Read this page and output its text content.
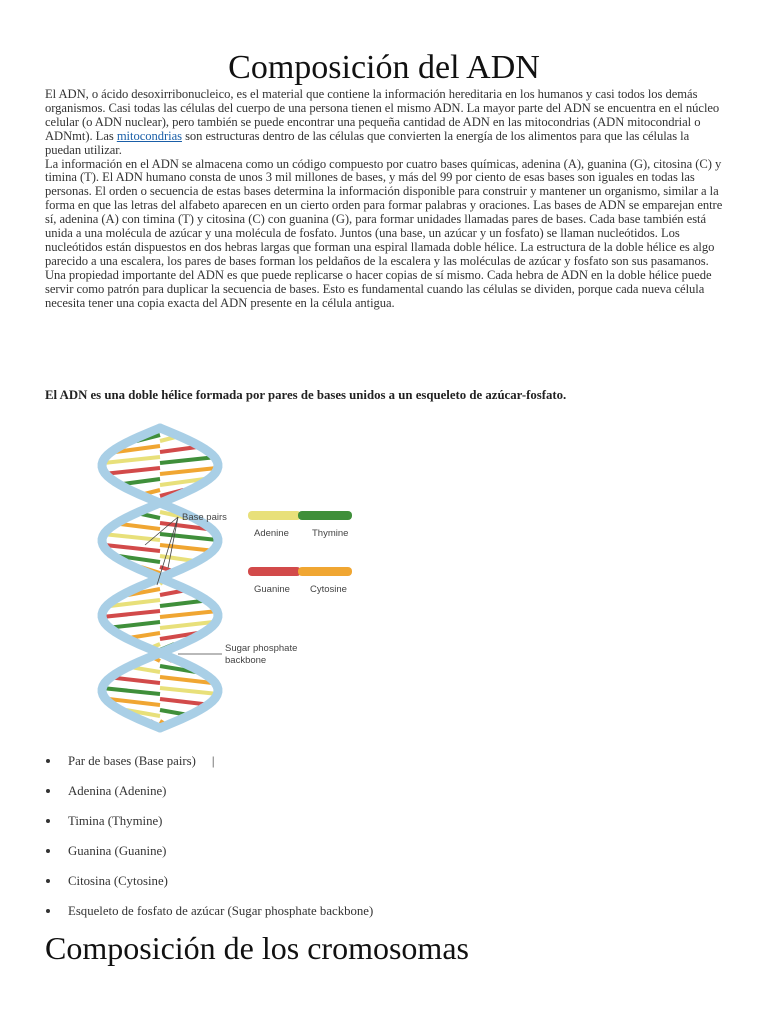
Composición del ADN

El ADN, o ácido desoxirribonucleico, es el material que contiene la información hereditaria en los humanos y casi todos los demás organismos. Casi todas las células del cuerpo de una persona tienen el mismo ADN. La mayor parte del ADN se encuentra en el núcleo celular (o ADN nuclear), pero también se puede encontrar una pequeña cantidad de ADN en las mitocondrias (ADN mitocondrial o ADNmt). Las mitocondrias son estructuras dentro de las células que convierten la energía de los alimentos para que las células la puedan utilizar.

La información en el ADN se almacena como un código compuesto por cuatro bases químicas, adenina (A), guanina (G), citosina (C) y timina (T). El ADN humano consta de unos 3 mil millones de bases, y más del 99 por ciento de esas bases son iguales en todas las personas. El orden o secuencia de estas bases determina la información disponible para construir y mantener un organismo, similar a la forma en que las letras del alfabeto aparecen en un cierto orden para formar palabras y oraciones. Las bases de ADN se emparejan entre sí, adenina (A) con timina (T) y citosina (C) con guanina (G), para formar unidades llamadas pares de bases. Cada base también está unida a una molécula de azúcar y una molécula de fosfato. Juntos (una base, un azúcar y un fosfato) se llaman nucleótidos. Los nucleótidos están dispuestos en dos hebras largas que forman una espiral llamada doble hélice. La estructura de la doble hélice es algo parecido a una escalera, los pares de bases forman los peldaños de la escalera y las moléculas de azúcar y fosfato son sus pasamanos. Una propiedad importante del ADN es que puede replicarse o hacer copias de sí mismo. Cada hebra de ADN en la doble hélice puede servir como patrón para duplicar la secuencia de bases. Esto es fundamental cuando las células se dividen, porque cada nueva célula necesita tener una copia exacta del ADN presente en la célula antigua.

El ADN es una doble hélice formada por pares de bases unidos a un esqueleto de azúcar-fosfato.
Base pairs
Sugar phosphate
backbone
Adenine Thymine
Guanine Cytosine
Par de bases (Base pairs)     |
Adenina (Adenine)
Timina (Thymine)
Guanina (Guanine)
Citosina (Cytosine)
Esqueleto de fosfato de azúcar (Sugar phosphate backbone)
Composición de los cromosomas
